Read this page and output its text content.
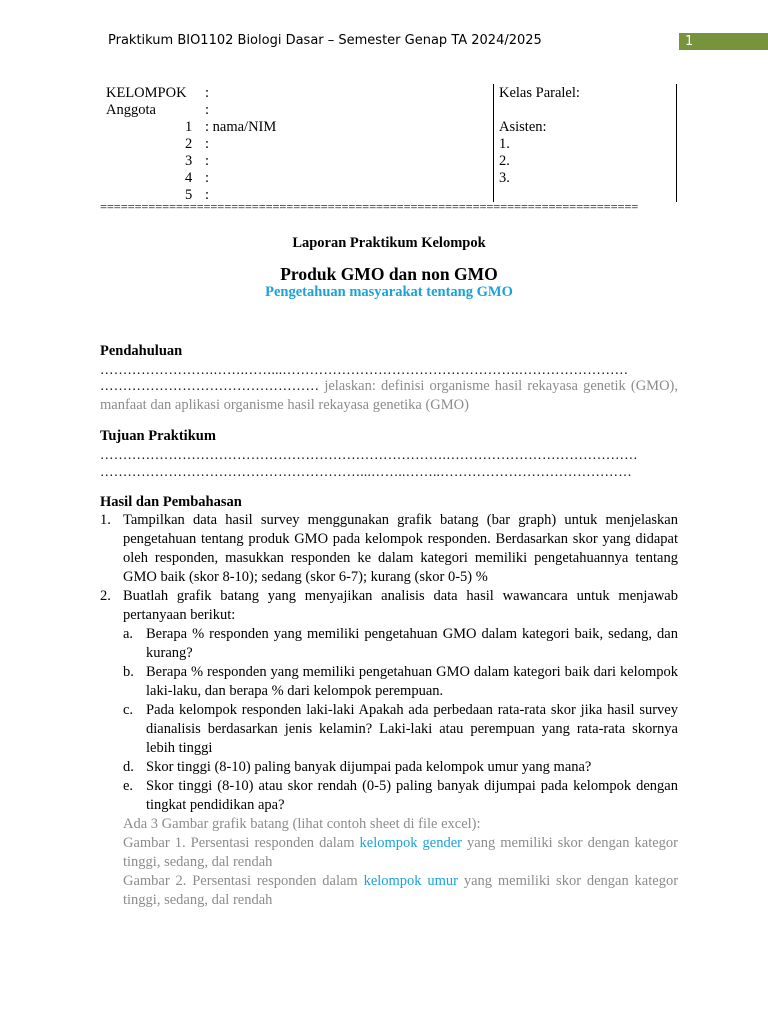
Praktikum BIO1102 Biologi Dasar – Semester Genap TA 2024/2025	1
KELOMPOK :
Anggota	:
1 : nama/NIM
2 :
3 :
4 :
5 :
Kelas Paralel:
Asisten:
1.
2.
3.
==============================================================================
Laporan Praktikum Kelompok
Produk GMO dan non GMO
Pengetahuan masyarakat tentang GMO
Pendahuluan
…………………….…….……...…………………………………………….……………………
………………………………………… jelaskan: definisi organisme hasil rekayasa genetik (GMO), manfaat dan aplikasi organisme hasil rekayasa genetika (GMO)
Tujuan Praktikum
………………………………………………………………….……………………………………
…………………………………………………...……..……..……………………………………
Hasil dan Pembahasan
1. Tampilkan data hasil survey menggunakan grafik batang (bar graph) untuk menjelaskan pengetahuan tentang produk GMO pada kelompok responden. Berdasarkan skor yang didapat oleh responden, masukkan responden ke dalam kategori memiliki pengetahuannya tentang GMO baik (skor 8-10); sedang (skor 6-7); kurang (skor 0-5) %
2. Buatlah grafik batang yang menyajikan analisis data hasil wawancara untuk menjawab pertanyaan berikut:
a. Berapa % responden yang memiliki pengetahuan GMO dalam kategori baik, sedang, dan kurang?
b. Berapa % responden yang memiliki pengetahuan GMO dalam kategori baik dari kelompok laki-laku, dan berapa % dari kelompok perempuan.
c. Pada kelompok responden laki-laki Apakah ada perbedaan rata-rata skor jika hasil survey dianalisis berdasarkan jenis kelamin? Laki-laki atau perempuan yang rata-rata skornya lebih tinggi
d. Skor tinggi (8-10) paling banyak dijumpai pada kelompok umur yang mana?
e. Skor tinggi (8-10) atau skor rendah (0-5) paling banyak dijumpai pada kelompok dengan tingkat pendidikan apa?
Ada 3 Gambar grafik batang (lihat contoh sheet di file excel):
Gambar 1. Persentasi responden dalam kelompok gender yang memiliki skor dengan kategor tinggi, sedang, dal rendah
Gambar 2. Persentasi responden dalam kelompok umur yang memiliki skor dengan kategor tinggi, sedang, dal rendah
